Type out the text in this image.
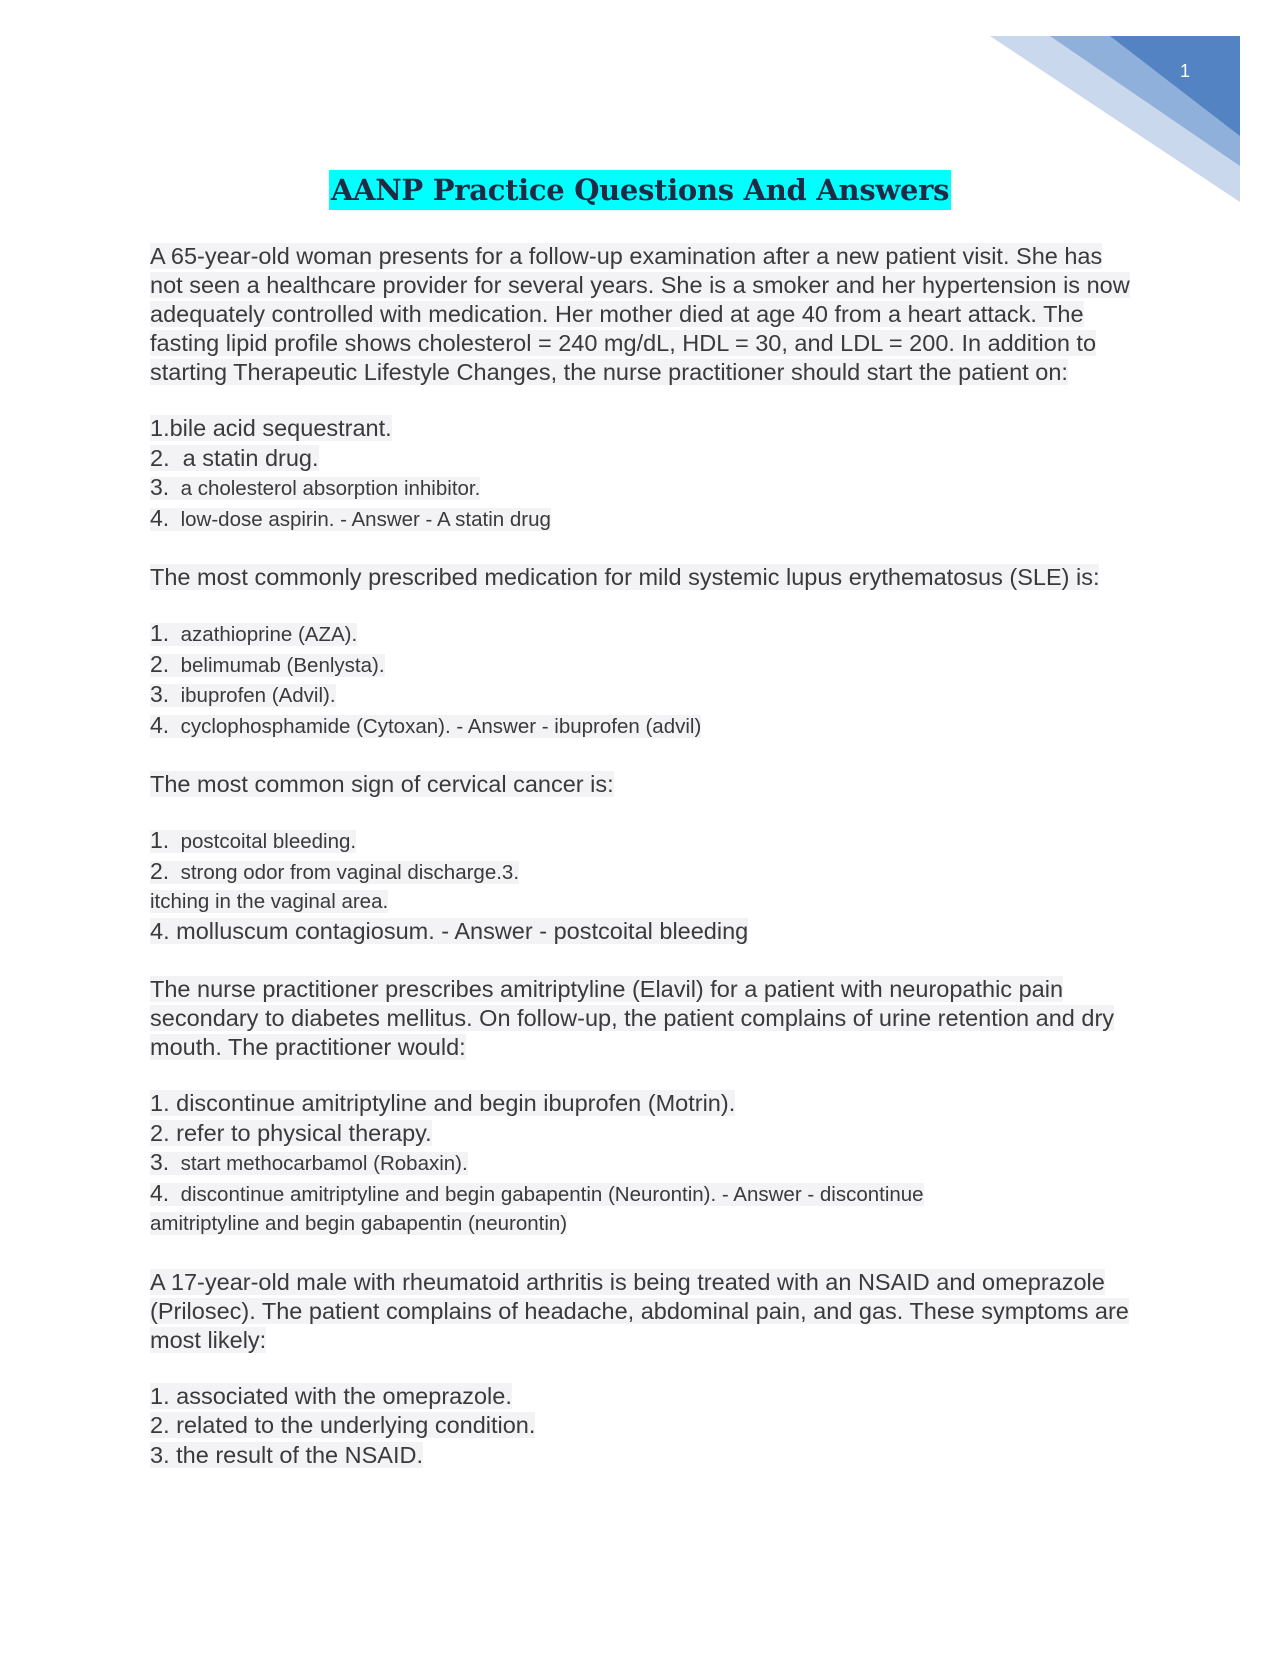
1
AANP Practice Questions And Answers

A 65-year-old woman presents for a follow-up examination after a new patient visit. She has not seen a healthcare provider for several years. She is a smoker and her hypertension is now adequately controlled with medication. Her mother died at age 40 from a heart attack. The fasting lipid profile shows cholesterol = 240 mg/dL, HDL = 30, and LDL = 200. In addition to starting Therapeutic Lifestyle Changes, the nurse practitioner should start the patient on:

1.bile acid sequestrant.
2. a statin drug.
3. a cholesterol absorption inhibitor.
4. low-dose aspirin. - Answer - A statin drug

The most commonly prescribed medication for mild systemic lupus erythematosus (SLE) is:

1. azathioprine (AZA).
2. belimumab (Benlysta).
3. ibuprofen (Advil).
4. cyclophosphamide (Cytoxan). - Answer - ibuprofen (advil)

The most common sign of cervical cancer is:

1. postcoital bleeding.
2. strong odor from vaginal discharge.3.
itching in the vaginal area.
4. molluscum contagiosum. - Answer - postcoital bleeding

The nurse practitioner prescribes amitriptyline (Elavil) for a patient with neuropathic pain secondary to diabetes mellitus. On follow-up, the patient complains of urine retention and dry mouth. The practitioner would:

1. discontinue amitriptyline and begin ibuprofen (Motrin).
2. refer to physical therapy.
3. start methocarbamol (Robaxin).
4. discontinue amitriptyline and begin gabapentin (Neurontin). - Answer - discontinue
amitriptyline and begin gabapentin (neurontin)

A 17-year-old male with rheumatoid arthritis is being treated with an NSAID and omeprazole (Prilosec). The patient complains of headache, abdominal pain, and gas. These symptoms are most likely:

1. associated with the omeprazole.
2. related to the underlying condition.
3. the result of the NSAID.
